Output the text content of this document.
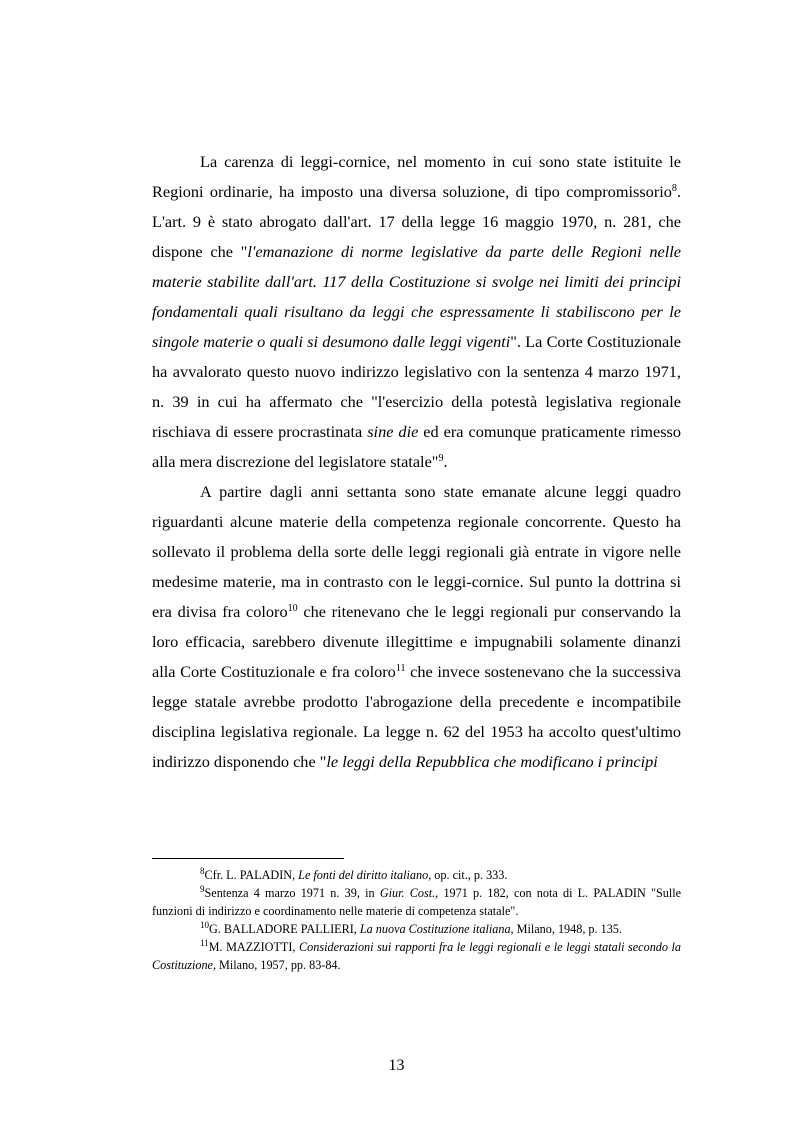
La carenza di leggi-cornice, nel momento in cui sono state istituite le Regioni ordinarie, ha imposto una diversa soluzione, di tipo compromissorio$^8$. L'art. 9 è stato abrogato dall'art. 17 della legge 16 maggio 1970, n. 281, che dispone che "l'emanazione di norme legislative da parte delle Regioni nelle materie stabilite dall'art. 117 della Costituzione si svolge nei limiti dei principi fondamentali quali risultano da leggi che espressamente li stabiliscono per le singole materie o quali si desumono dalle leggi vigenti". La Corte Costituzionale ha avvalorato questo nuovo indirizzo legislativo con la sentenza 4 marzo 1971, n. 39 in cui ha affermato che "l'esercizio della potestà legislativa regionale rischiava di essere procrastinata sine die ed era comunque praticamente rimesso alla mera discrezione del legislatore statale"$^9$.

A partire dagli anni settanta sono state emanate alcune leggi quadro riguardanti alcune materie della competenza regionale concorrente. Questo ha sollevato il problema della sorte delle leggi regionali già entrate in vigore nelle medesime materie, ma in contrasto con le leggi-cornice. Sul punto la dottrina si era divisa fra coloro$^{10}$ che ritenevano che le leggi regionali pur conservando la loro efficacia, sarebbero divenute illegittime e impugnabili solamente dinanzi alla Corte Costituzionale e fra coloro$^{11}$ che invece sostenevano che la successiva legge statale avrebbe prodotto l'abrogazione della precedente e incompatibile disciplina legislativa regionale. La legge n. 62 del 1953 ha accolto quest'ultimo indirizzo disponendo che "le leggi della Repubblica che modificano i principi

$^8$Cfr. L. PALADIN, Le fonti del diritto italiano, op. cit., p. 333.

$^9$Sentenza 4 marzo 1971 n. 39, in Giur. Cost., 1971 p. 182, con nota di L. PALADIN "Sulle funzioni di indirizzo e coordinamento nelle materie di competenza statale".

$^{10}$G. BALLADORE PALLIERI, La nuova Costituzione italiana, Milano, 1948, p. 135.

$^{11}$M. MAZZIOTTI, Considerazioni sui rapporti fra le leggi regionali e le leggi statali secondo la Costituzione, Milano, 1957, pp. 83-84.

13
